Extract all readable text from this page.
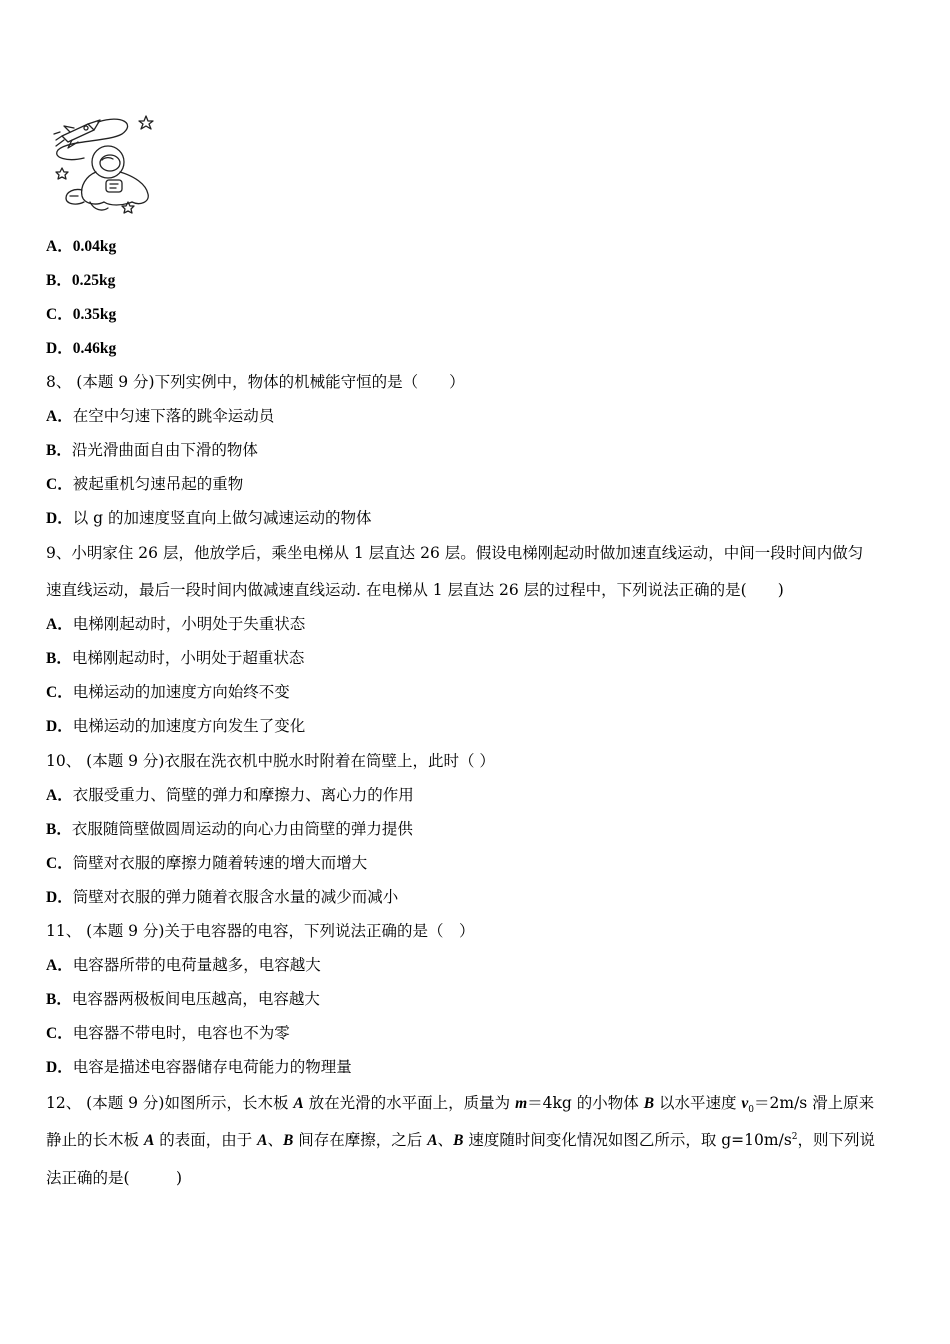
A．0.04kg
B．0.25kg
C．0.35kg
D．0.46kg
8、 (本题 9 分)下列实例中，物体的机械能守恒的是（　　）
A．在空中匀速下落的跳伞运动员
B．沿光滑曲面自由下滑的物体
C．被起重机匀速吊起的重物
D．以 g 的加速度竖直向上做匀减速运动的物体
9、小明家住 26 层，他放学后，乘坐电梯从 1 层直达 26 层。假设电梯刚起动时做加速直线运动，中间一段时间内做匀
速直线运动，最后一段时间内做减速直线运动. 在电梯从 1 层直达 26 层的过程中，下列说法正确的是(　　)
A．电梯刚起动时，小明处于失重状态
B．电梯刚起动时，小明处于超重状态
C．电梯运动的加速度方向始终不变
D．电梯运动的加速度方向发生了变化
10、 (本题 9 分)衣服在洗衣机中脱水时附着在筒壁上，此时（ ）
A．衣服受重力、筒壁的弹力和摩擦力、离心力的作用
B．衣服随筒壁做圆周运动的向心力由筒壁的弹力提供
C．筒壁对衣服的摩擦力随着转速的增大而增大
D．筒壁对衣服的弹力随着衣服含水量的减少而减小
11、 (本题 9 分)关于电容器的电容，下列说法正确的是（　）
A．电容器所带的电荷量越多，电容越大
B．电容器两极板间电压越高，电容越大
C．电容器不带电时，电容也不为零
D．电容是描述电容器储存电荷能力的物理量
12、 (本题 9 分)如图所示，长木板 A 放在光滑的水平面上，质量为 m＝4kg 的小物体 B 以水平速度 $v_0=2m/s$ 滑上原来
静止的长木板 A 的表面，由于 A、B 间存在摩擦，之后 A、B 速度随时间变化情况如图乙所示，取 $g=10m/s^2$，则下列说
法正确的是(　　　)
